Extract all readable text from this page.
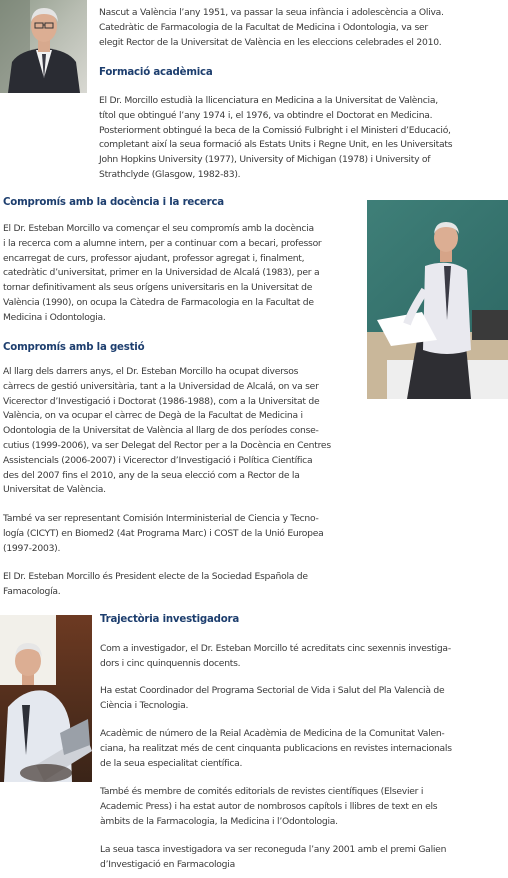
Nascut a València l’any 1951, va passar la seua infància i adolescència a Oliva.
Catedràtic de Farmacologia de la Facultat de Medicina i Odontologia, va ser
elegit Rector de la Universitat de València en les eleccions celebrades el 2010.

Formació acadèmica

El Dr. Morcillo estudià la llicenciatura en Medicina a la Universitat de València,
títol que obtingué l’any 1974 i, el 1976, va obtindre el Doctorat en Medicina.
Posteriorment obtingué la beca de la Comissió Fulbright i el Ministeri d’Educació,
completant així la seua formació als Estats Units i Regne Unit, en les Universitats
John Hopkins University (1977), University of Michigan (1978) i University of
Strathclyde (Glasgow, 1982-83).

Compromís amb la docència i la recerca

El Dr. Esteban Morcillo va començar el seu compromís amb la docència
i la recerca com a alumne intern, per a continuar com a becari, professor
encarregat de curs, professor ajudant, professor agregat i, finalment,
catedràtic d’universitat, primer en la Universidad de Alcalá (1983), per a
tornar definitivament als seus orígens universitaris en la Universitat de
València (1990), on ocupa la Càtedra de Farmacologia en la Facultat de
Medicina i Odontologia.

Compromís amb la gestió

Al llarg dels darrers anys, el Dr. Esteban Morcillo ha ocupat diversos
càrrecs de gestió universitària, tant a la Universidad de Alcalá, on va ser
Vicerector d’Investigació i Doctorat (1986-1988), com a la Universitat de
València, on va ocupar el càrrec de Degà de la Facultat de Medicina i
Odontologia de la Universitat de València al llarg de dos períodes conse-
cutius (1999-2006), va ser Delegat del Rector per a la Docència en Centres
Assistencials (2006-2007) i Vicerector d’Investigació i Política Científica
des del 2007 fins el 2010, any de la seua elecció com a Rector de la
Universitat de València.

També va ser representant Comisión Interministerial de Ciencia y Tecno-
logía (CICYT) en Biomed2 (4at Programa Marc) i COST de la Unió Europea
(1997-2003).

El Dr. Esteban Morcillo és President electe de la Sociedad Española de
Famacología.

Trajectòria investigadora

Com a investigador, el Dr. Esteban Morcillo té acreditats cinc sexennis investiga-
dors i cinc quinquennis docents.

Ha estat Coordinador del Programa Sectorial de Vida i Salut del Pla Valencià de
Ciència i Tecnologia.

Acadèmic de número de la Reial Acadèmia de Medicina de la Comunitat Valen-
ciana, ha realitzat més de cent cinquanta publicacions en revistes internacionals
de la seua especialitat científica.

També és membre de comités editorials de revistes científiques (Elsevier i
Academic Press) i ha estat autor de nombrosos capítols i llibres de text en els
àmbits de la Farmacologia, la Medicina i l’Odontologia.

La seua tasca investigadora va ser reconeguda l’any 2001 amb el premi Galien
d’Investigació en Farmacologia
